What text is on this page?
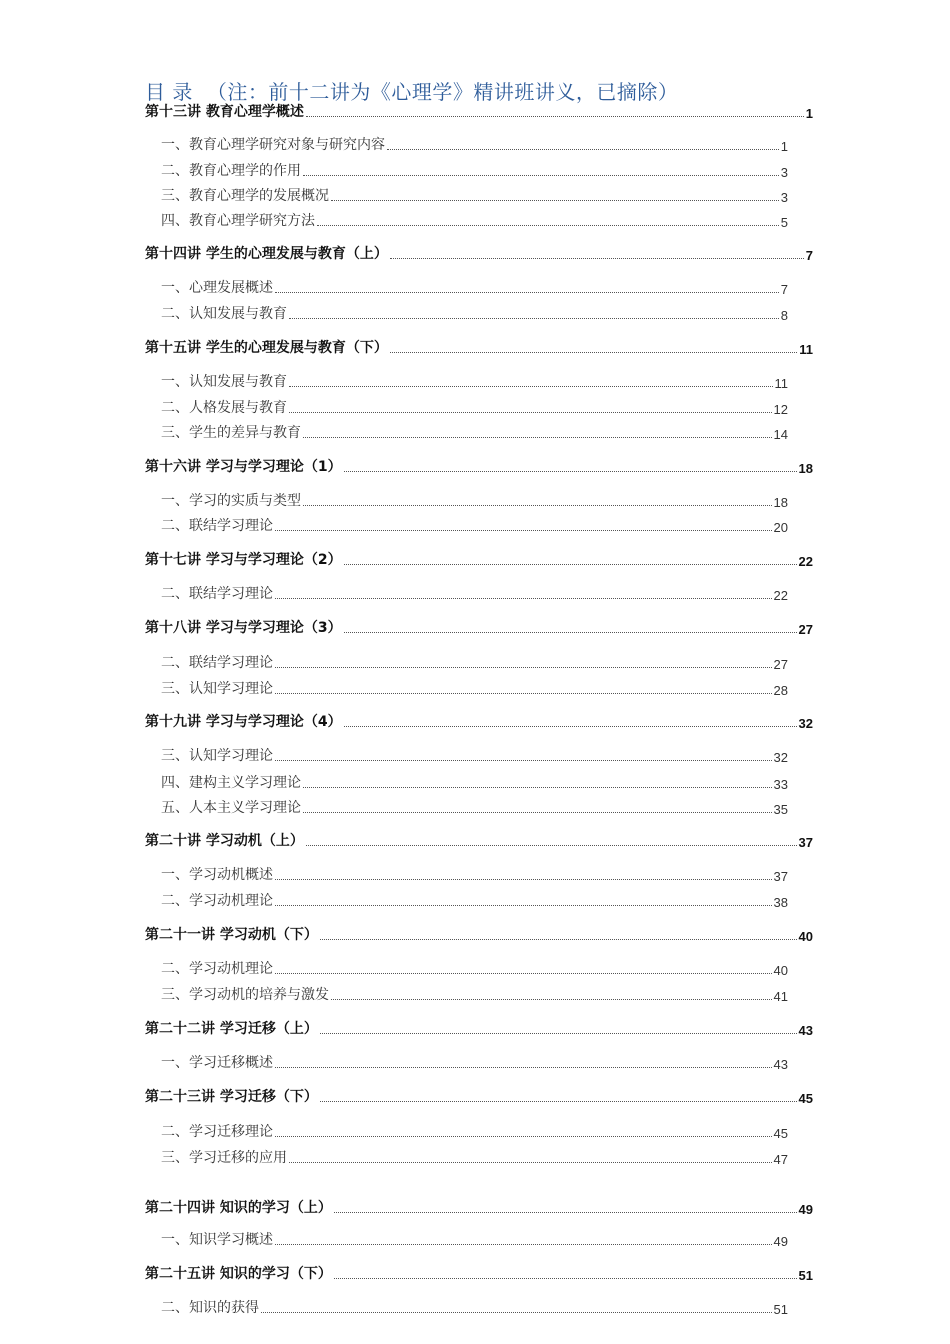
目 录 （注：前十二讲为《心理学》精讲班讲义，已摘除）
第十三讲 教育心理学概述	1
一、教育心理学研究对象与研究内容	1
二、教育心理学的作用	3
三、教育心理学的发展概况	3
四、教育心理学研究方法	5
第十四讲 学生的心理发展与教育（上）	7
一、心理发展概述	7
二、认知发展与教育	8
第十五讲 学生的心理发展与教育（下）	11
一、认知发展与教育	11
二、人格发展与教育	12
三、学生的差异与教育	14
第十六讲 学习与学习理论（1）	18
一、学习的实质与类型	18
二、联结学习理论	20
第十七讲 学习与学习理论（2）	22
二、联结学习理论	22
第十八讲 学习与学习理论（3）	27
二、联结学习理论	27
三、认知学习理论	28
第十九讲 学习与学习理论（4）	32
三、认知学习理论	32
四、建构主义学习理论	33
五、人本主义学习理论	35
第二十讲 学习动机（上）	37
一、学习动机概述	37
二、学习动机理论	38
第二十一讲 学习动机（下）	40
二、学习动机理论	40
三、学习动机的培养与激发	41
第二十二讲 学习迁移（上）	43
一、学习迁移概述	43
第二十三讲 学习迁移（下）	45
二、学习迁移理论	45
三、学习迁移的应用	47
第二十四讲 知识的学习（上）	49
一、知识学习概述	49
第二十五讲 知识的学习（下）	51
二、知识的获得	51
